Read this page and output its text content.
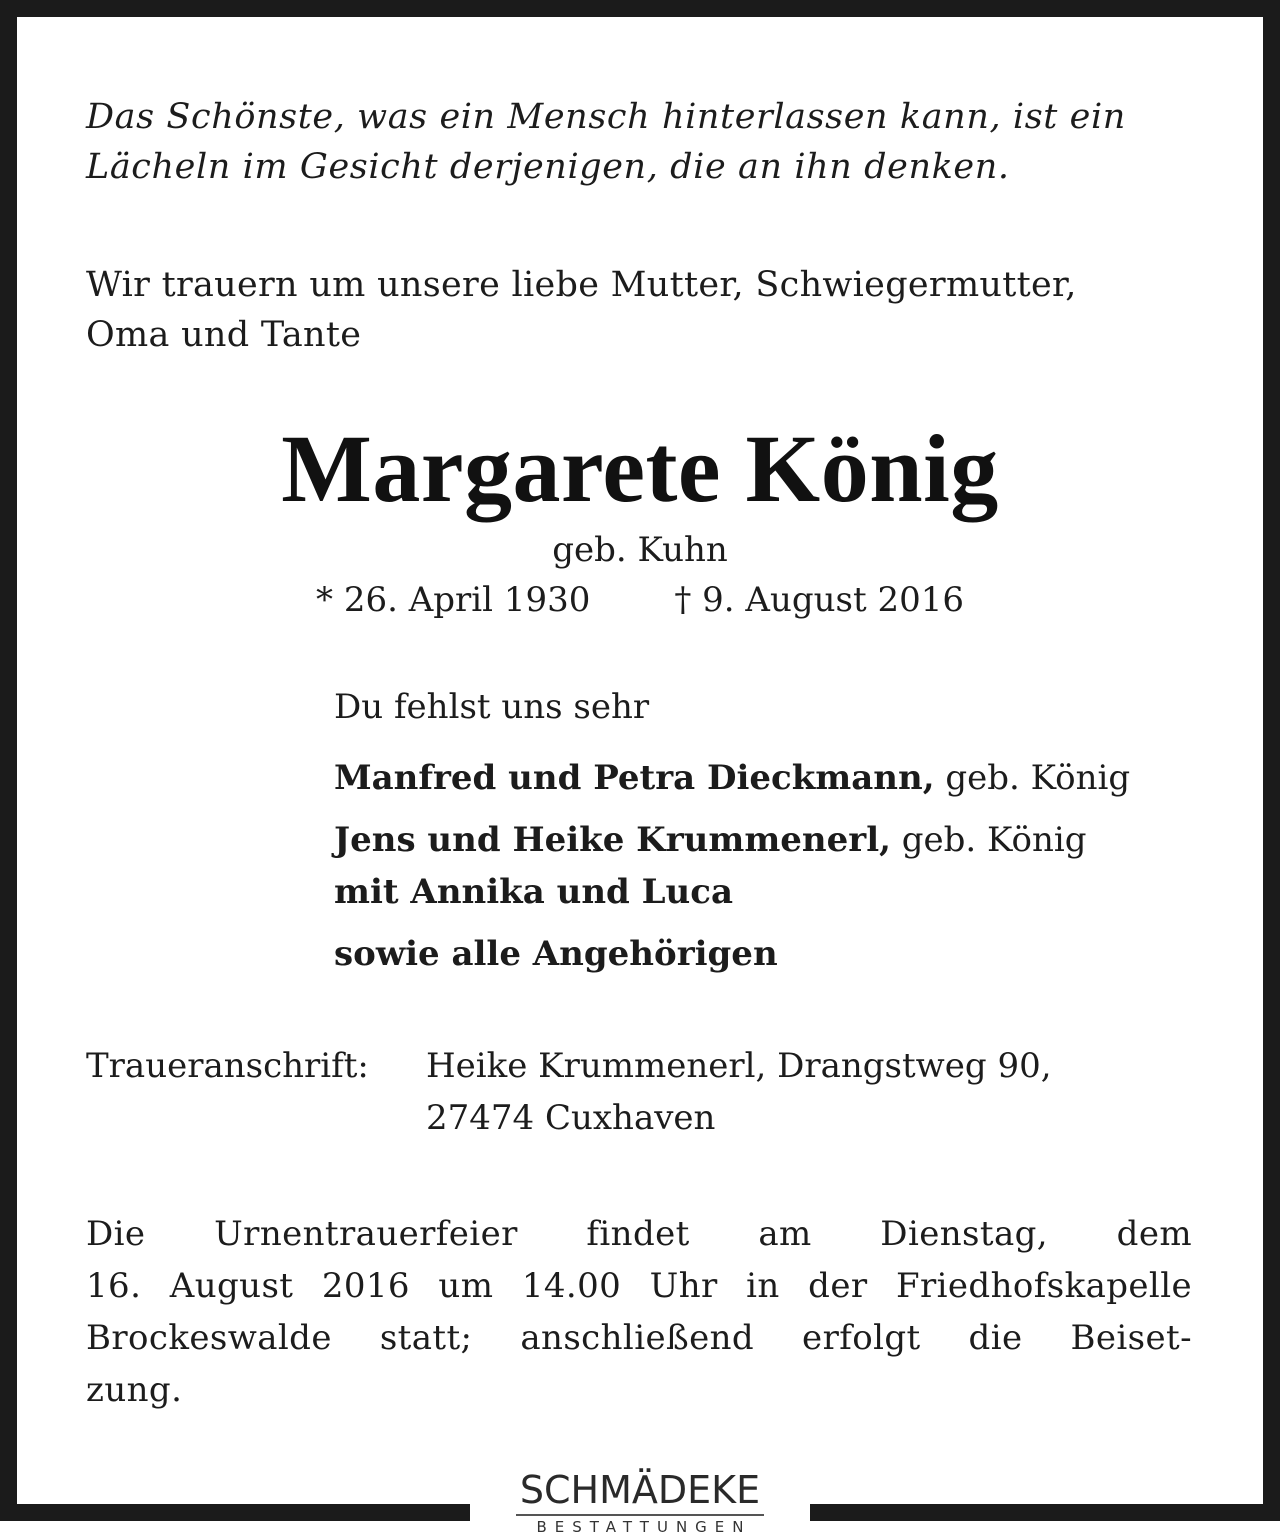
Das Schönste, was ein Mensch hinterlassen kann, ist ein
Lächeln im Gesicht derjenigen, die an ihn denken.

Wir trauern um unsere liebe Mutter, Schwiegermutter,
Oma und Tante

Margarete König

geb. Kuhn

* 26. April 1930 † 9. August 2016

Du fehlst uns sehr

Manfred und Petra Dieckmann, geb. König
Jens und Heike Krummenerl, geb. König
mit Annika und Luca
sowie alle Angehörigen

Traueranschrift: Heike Krummenerl, Drangstweg 90,

27474 Cuxhaven

Die Urnentrauerfeier findet am Dienstag, dem
16. August 2016 um 14.00 Uhr in der Friedhofskapelle
Brockeswalde statt; anschließend erfolgt die Beiset-
zung.

SCHMÄDEKE
BESTATTUNGEN
